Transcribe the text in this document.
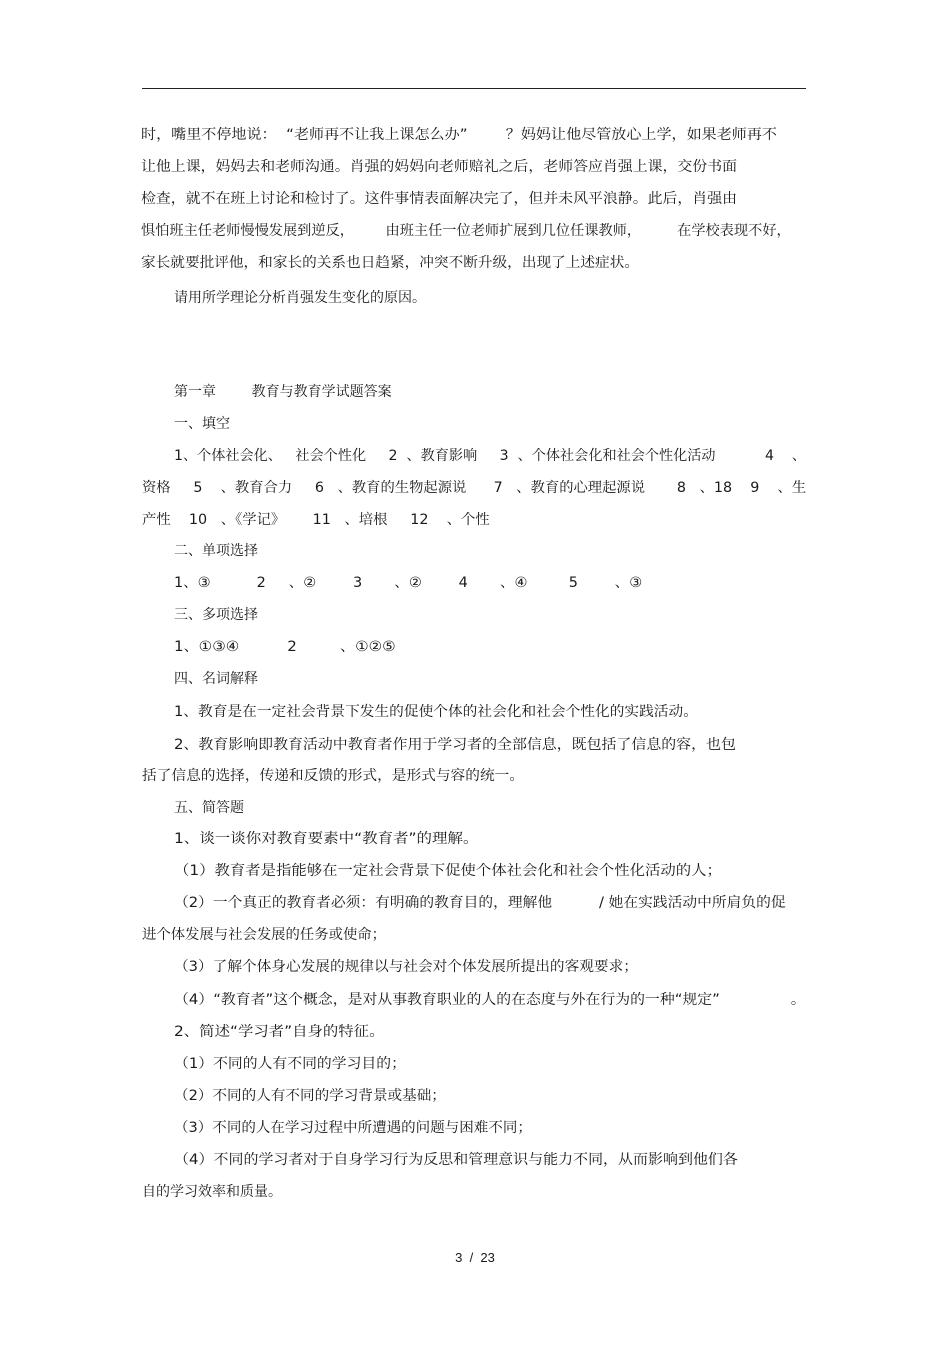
时，嘴里不停地说：  “老师再不让我上课怎么办”        ？妈妈让他尽管放心上学，如果老师再不
让他上课，妈妈去和老师沟通。肖强的妈妈向老师赔礼之后，老师答应肖强上课，交份书面
检查，就不在班上讨论和检讨了。这件事情表面解决完了，但并未风平浪静。此后，肖强由
惧怕班主任老师慢慢发展到逆反，       由班主任一位老师扩展到几位任课教师，        在学校表现不好，
家长就要批评他，和家长的关系也日趋紧，冲突不断升级，出现了上述症状。
请用所学理论分析肖强发生变化的原因。
第一章        教育与教育学试题答案
一、填空
1、个体社会化、   社会个性化     2  、教育影响     3  、个体社会化和社会个性化活动           4    、
资格     5    、教育合力     6   、教育的生物起源说      7   、教育的心理起源说       8   、18    9    、生
产性    10   、《学记》      11   、培根     12    、个性
二、单项选择
1、③          2     、②        3       、②        4       、④         5        、③
三、多项选择
1、①③④          2         、①②⑤
四、名词解释
1、教育是在一定社会背景下发生的促使个体的社会化和社会个性化的实践活动。
2、教育影响即教育活动中教育者作用于学习者的全部信息，既包括了信息的容，也包
括了信息的选择，传递和反馈的形式，是形式与容的统一。
五、简答题
1、谈一谈你对教育要素中“教育者”的理解。
（1）教育者是指能够在一定社会背景下促使个体社会化和社会个性化活动的人；
（2）一个真正的教育者必须：有明确的教育目的，理解他          / 她在实践活动中所肩负的促
进个体发展与社会发展的任务或使命；
（3）了解个体身心发展的规律以与社会对个体发展所提出的客观要求；
（4）“教育者”这个概念，是对从事教育职业的人的在态度与外在行为的一种“规定”               。
2、简述“学习者”自身的特征。
（1）不同的人有不同的学习目的；
（2）不同的人有不同的学习背景或基础；
（3）不同的人在学习过程中所遭遇的问题与困难不同；
（4）不同的学习者对于自身学习行为反思和管理意识与能力不同，从而影响到他们各
自的学习效率和质量。
3  /  23
